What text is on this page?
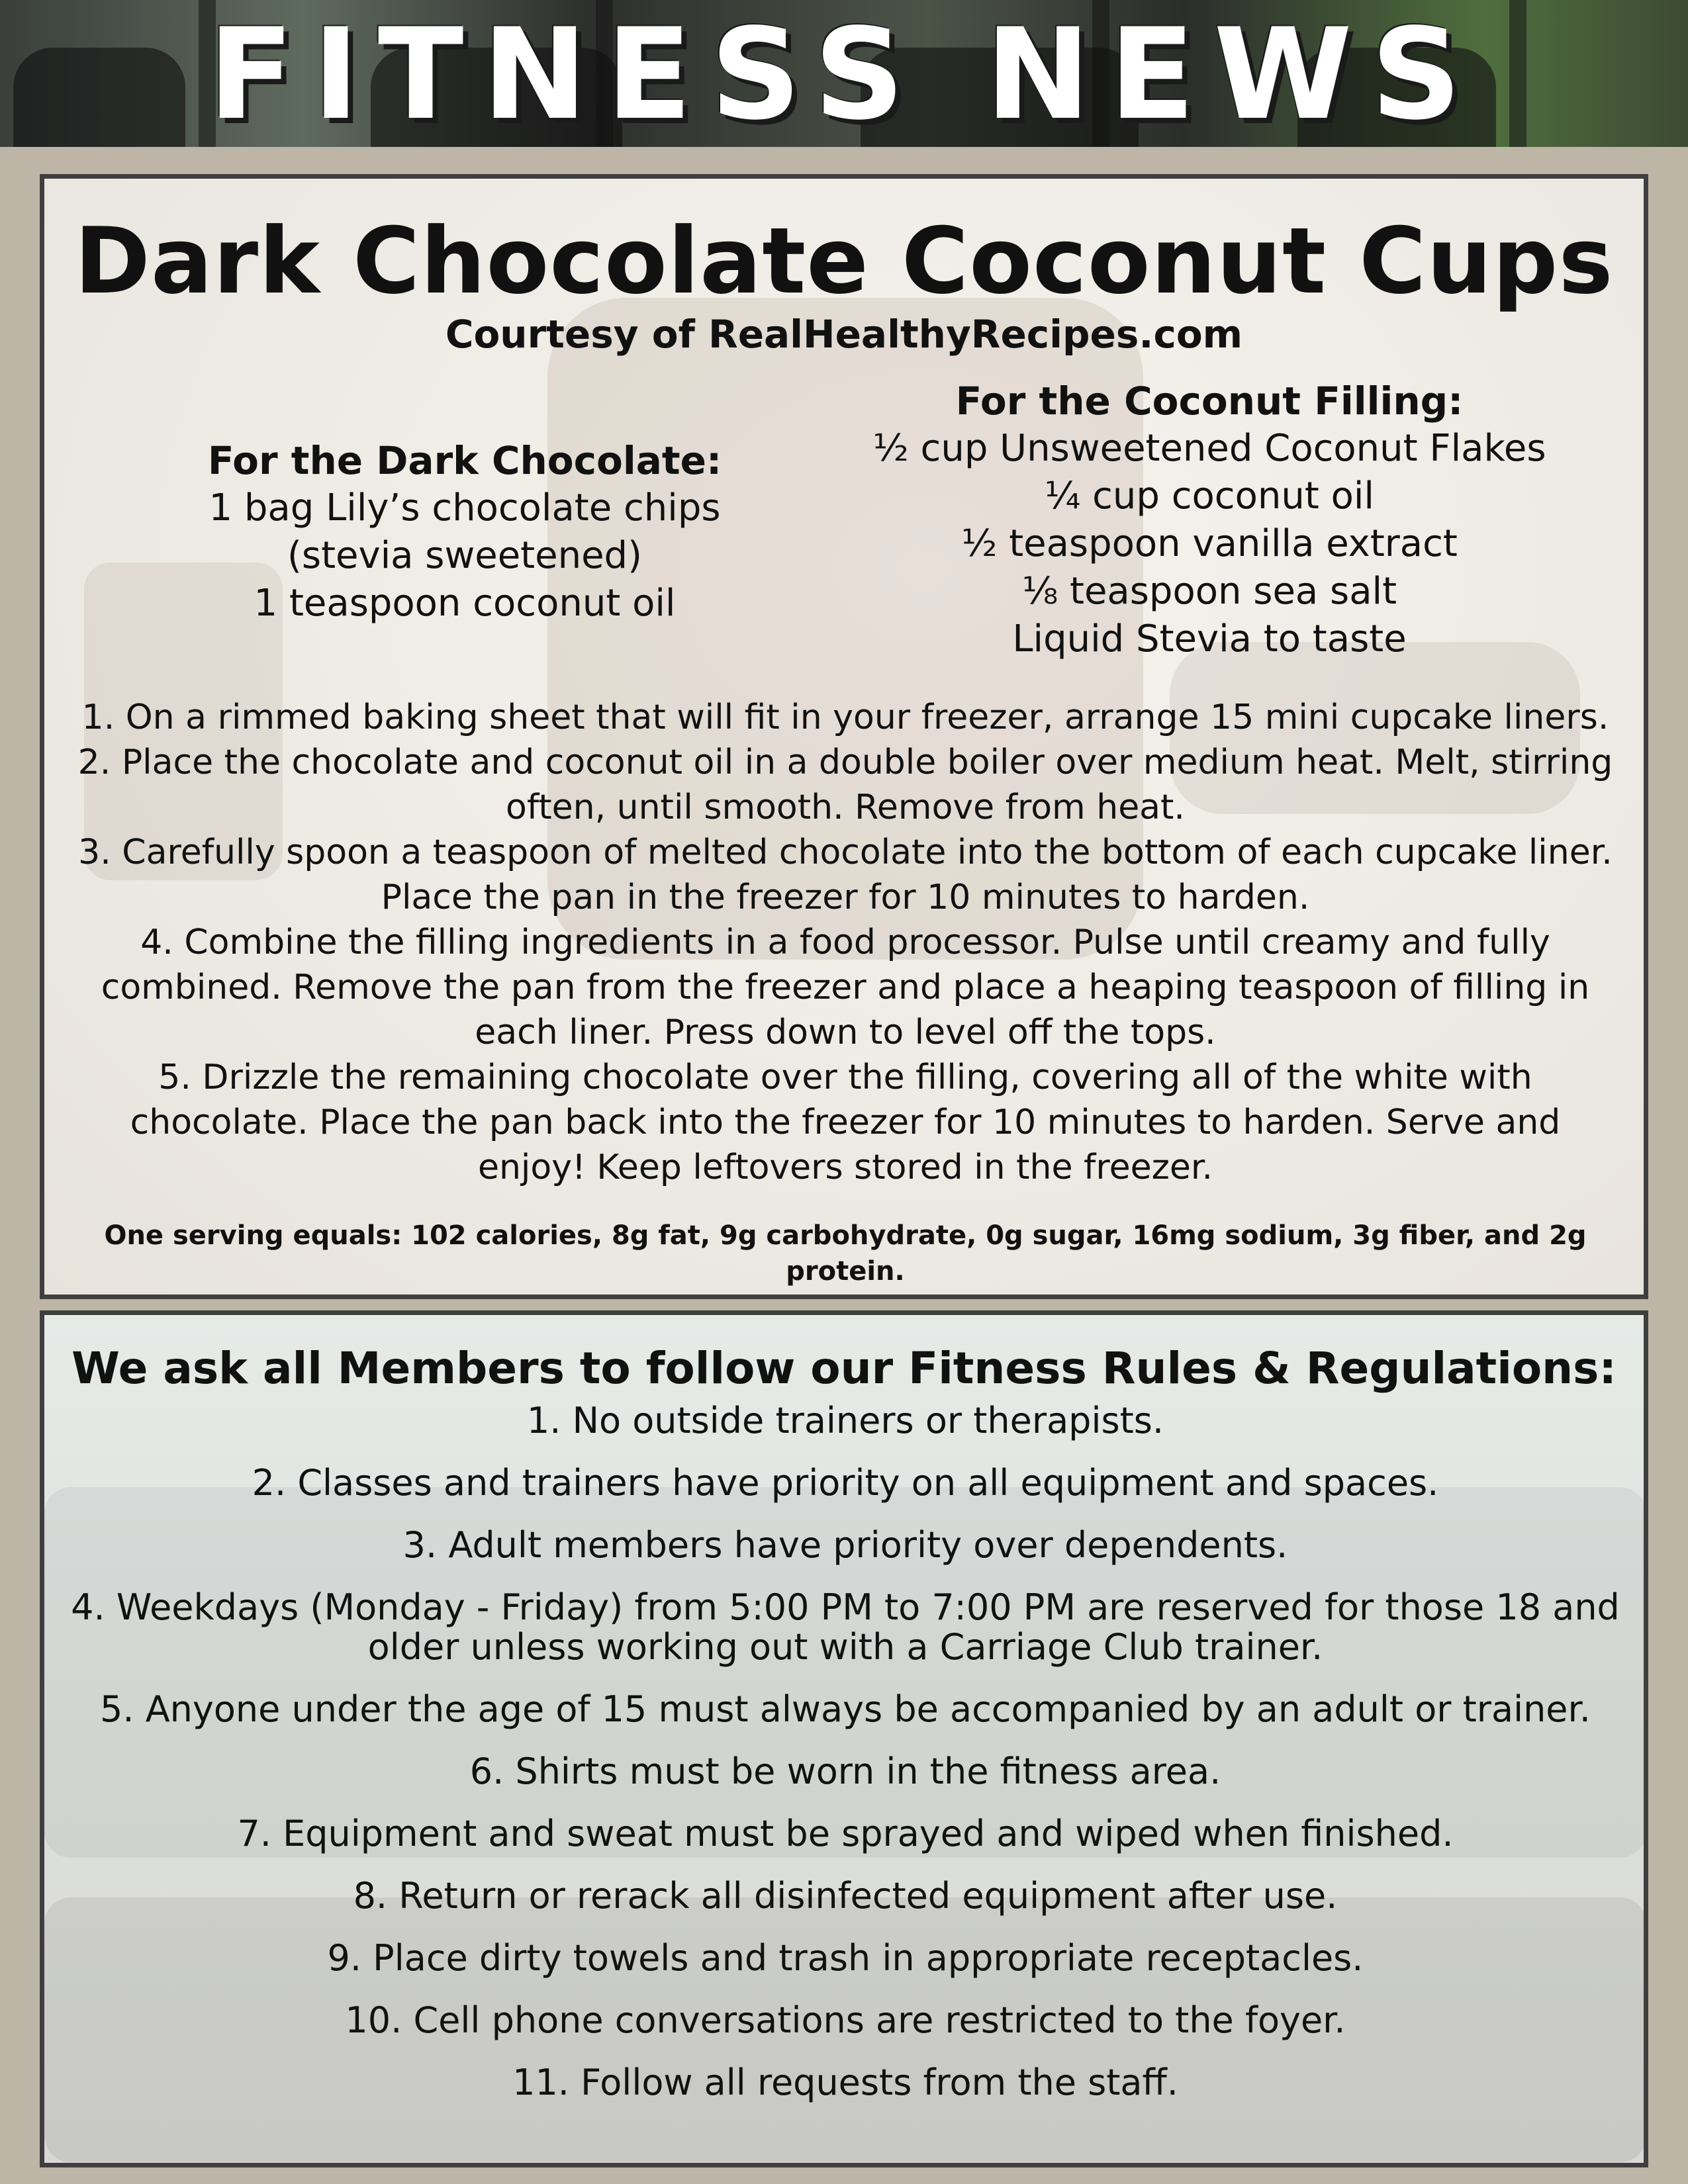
FITNESS NEWS
Dark Chocolate Coconut Cups
Courtesy of RealHealthyRecipes.com
For the Dark Chocolate:

1 bag Lily’s chocolate chips (stevia sweetened)

1 teaspoon coconut oil

For the Coconut Filling:

½ cup Unsweetened Coconut Flakes

¼ cup coconut oil

½ teaspoon vanilla extract

⅛ teaspoon sea salt

Liquid Stevia to taste

1. On a rimmed baking sheet that will fit in your freezer, arrange 15 mini cupcake liners.

2. Place the chocolate and coconut oil in a double boiler over medium heat. Melt, stirring often, until smooth. Remove from heat.

3. Carefully spoon a teaspoon of melted chocolate into the bottom of each cupcake liner. Place the pan in the freezer for 10 minutes to harden.

4. Combine the filling ingredients in a food processor. Pulse until creamy and fully combined. Remove the pan from the freezer and place a heaping teaspoon of filling in each liner. Press down to level off the tops.

5. Drizzle the remaining chocolate over the filling, covering all of the white with chocolate. Place the pan back into the freezer for 10 minutes to harden. Serve and enjoy! Keep leftovers stored in the freezer.

One serving equals: 102 calories, 8g fat, 9g carbohydrate, 0g sugar, 16mg sodium, 3g fiber, and 2g protein.
We ask all Members to follow our Fitness Rules & Regulations:

1. No outside trainers or therapists.

2. Classes and trainers have priority on all equipment and spaces.

3. Adult members have priority over dependents.

4. Weekdays (Monday - Friday) from 5:00 PM to 7:00 PM are reserved for those 18 and older unless working out with a Carriage Club trainer.

5. Anyone under the age of 15 must always be accompanied by an adult or trainer.

6. Shirts must be worn in the fitness area.

7. Equipment and sweat must be sprayed and wiped when finished.

8. Return or rerack all disinfected equipment after use.

9. Place dirty towels and trash in appropriate receptacles.

10. Cell phone conversations are restricted to the foyer.

11. Follow all requests from the staff.
